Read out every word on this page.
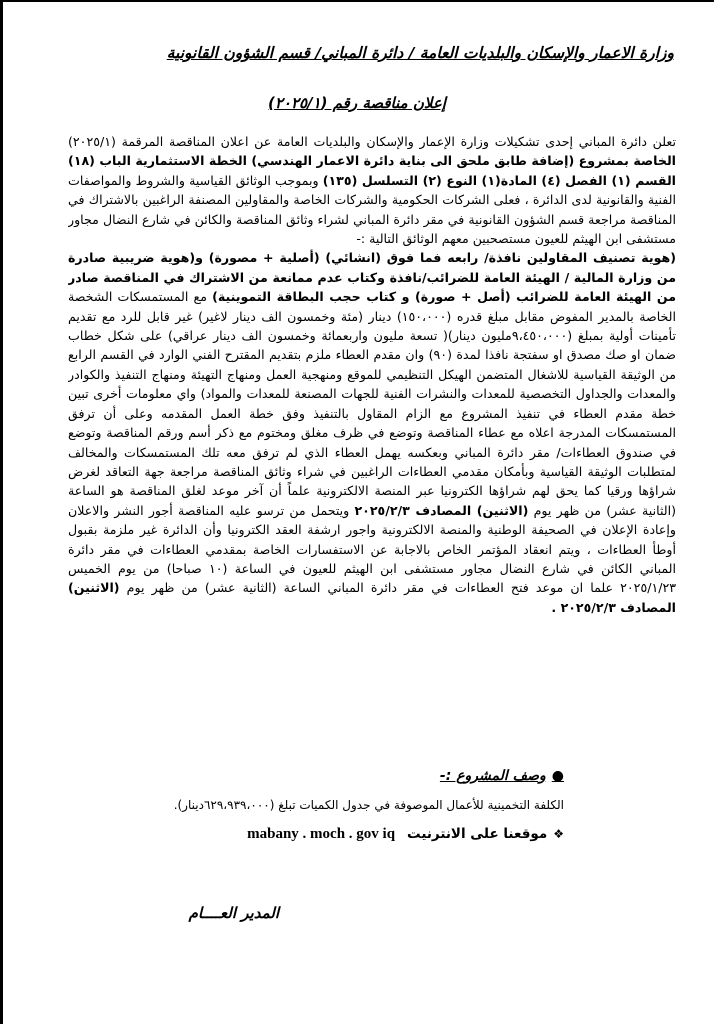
وزارة الاعمار والإسكان والبلديات العامة / دائرة المباني/ قسم الشؤون القانونية
إعلان مناقصة رقم (٢٠٢٥/١)
تعلن دائرة المباني إحدى تشكيلات وزارة الإعمار والإسكان والبلديات العامة عن اعلان المناقصة المرقمة (٢٠٢٥/١) الخاصة بمشروع (إضافة طابق ملحق الى بناية دائرة الاعمار الهندسي) الخطة الاستثمارية الباب (١٨) القسم (١) الفصل (٤) المادة(١) النوع (٢) التسلسل (١٣٥) وبموجب الوثائق القياسية والشروط والمواصفات الفنية والقانونية لدى الدائرة ، فعلى الشركات الحكومية والشركات الخاصة والمقاولين المصنفة الراغبين بالاشتراك في المناقصة مراجعة قسم الشؤون القانونية في مقر دائرة المباني لشراء وثائق المناقصة والكائن في شارع النضال مجاور مستشفى ابن الهيثم للعيون مستصحبين معهم الوثائق التالية :-
(هوية تصنيف المقاولين نافذة/ رابعه فما فوق (انشائي) (أصلية + مصورة) و(هوية ضريبية صادرة من وزارة المالية / الهيئة العامة للضرائب/نافذة وكتاب عدم ممانعة من الاشتراك في المناقصة صادر من الهيئة العامة للضرائب (أصل + صورة) و كتاب حجب البطاقة التموينية) مع المستمسكات الشخصة الخاصة بالمدير المفوض مقابل مبلغ قدره (١٥٠،٠٠٠) دينار (مئة وخمسون الف دينار لاغير) غير قابل للرد مع تقديم تأمينات أولية بمبلغ (٩،٤٥٠،٠٠٠مليون دينار)( تسعة مليون واربعمائة وخمسون الف دينار عراقي) على شكل خطاب ضمان او صك مصدق او سفتجة نافذا لمدة (٩٠) وان مقدم العطاء ملزم بتقديم المقترح الفني الوارد في القسم الرابع من الوثيقة القياسية للاشغال المتضمن الهيكل التنظيمي للموقع ومنهجية العمل ومنهاج التهيئة ومنهاج التنفيذ والكوادر والمعدات والجداول التخصصية للمعدات والنشرات الفنية للجهات المصنعة للمعدات والمواد) واي معلومات أخرى تبين خطة مقدم العطاء في تنفيذ المشروع مع الزام المقاول بالتنفيذ وفق خطة العمل المقدمه وعلى أن ترفق المستمسكات المدرجة اعلاه مع عطاء المناقصة وتوضع في ظرف مغلق ومختوم مع ذكر أسم ورقم المناقصة وتوضع في صندوق العطاءات/ مقر دائرة المباني وبعكسه يهمل العطاء الذي لم ترفق معه تلك المستمسكات والمخالف لمتطلبات الوثيقة القياسية وبأمكان مقدمي العطاءات الراغبين في شراء وثائق المناقصة مراجعة جهة التعاقد لغرض شراؤها ورقيا كما يحق لهم شراؤها الكترونيا عبر المنصة الالكترونية علماً أن آخر موعد لغلق المناقصة هو الساعة (الثانية عشر) من ظهر يوم (الاثنين) المصادف ٢٠٢٥/٢/٣ ويتحمل من ترسو عليه المناقصة أجور النشر والاعلان وإعادة الإعلان في الصحيفة الوطنية والمنصة الالكترونية واجور ارشفة العقد الكترونيا وأن الدائرة غير ملزمة بقبول أوطأ العطاءات ، ويتم انعقاد المؤتمر الخاص بالاجابة عن الاستفسارات الخاصة بمقدمي العطاءات في مقر دائرة المباني الكائن في شارع النضال مجاور مستشفى ابن الهيثم للعيون في الساعة (١٠ صباحا) من يوم الخميس ٢٠٢٥/١/٢٣ علما ان موعد فتح العطاءات في مقر دائرة المباني الساعة (الثانية عشر) من ظهر يوم (الاثنين) المصادف ٢٠٢٥/٢/٣ .
●وصف المشروع :-
الكلفة التخمينية للأعمال الموصوفة في جدول الكميات تبلغ (٦٢٩،٩٣٩،٠٠٠دينار).
❖موقعنا على الانترنيتmabany . moch . gov iq
المدير العــــام
